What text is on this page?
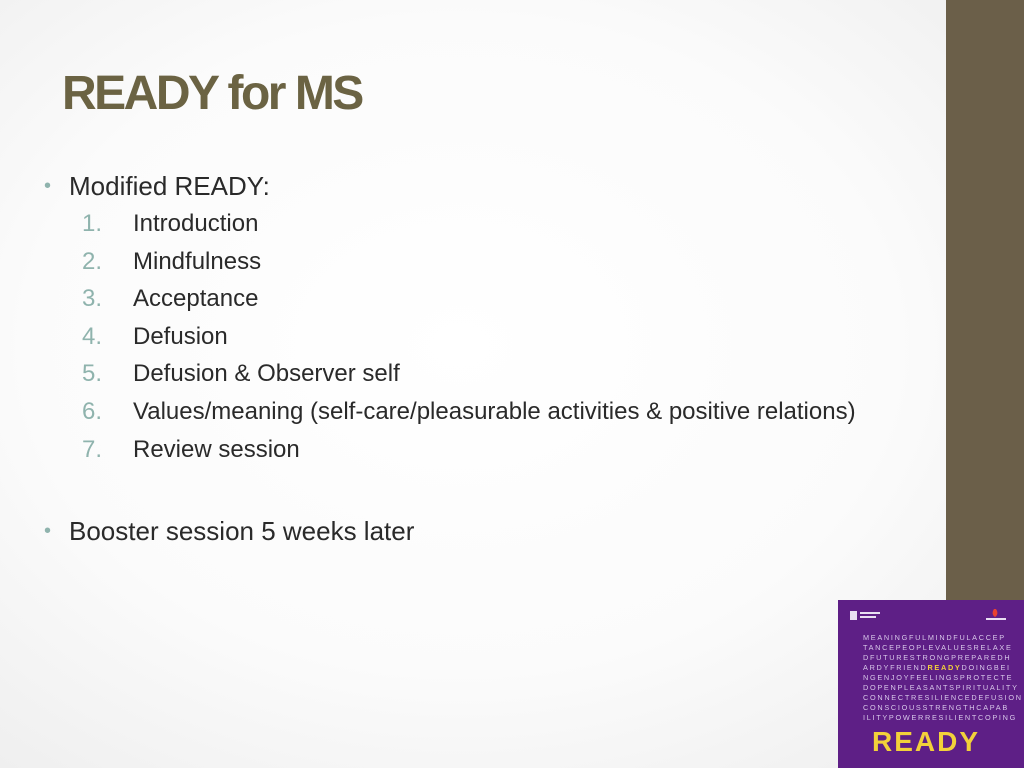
READY for MS
• Modified READY:
1. Introduction
2. Mindfulness
3. Acceptance
4. Defusion
5. Defusion & Observer self
6. Values/meaning (self-care/pleasurable activities & positive relations)
7. Review session
• Booster session 5 weeks later
MEANINGFULMINDFULACCEP
TANCEPEOPLEVALUESRELAXE
DFUTURESTRONGPREPAREDH
ARDYFRIENDREADYDOINGBEI
NGENJOYFEELINGSPROTECTE
DOPENPLEASANTSPIRITUALITY
CONNECTRESILIENCEDEFUSION
CONSCIOUSSTRENGTHCAPAB
ILITYPOWERRESILIENTCOPING
READY
